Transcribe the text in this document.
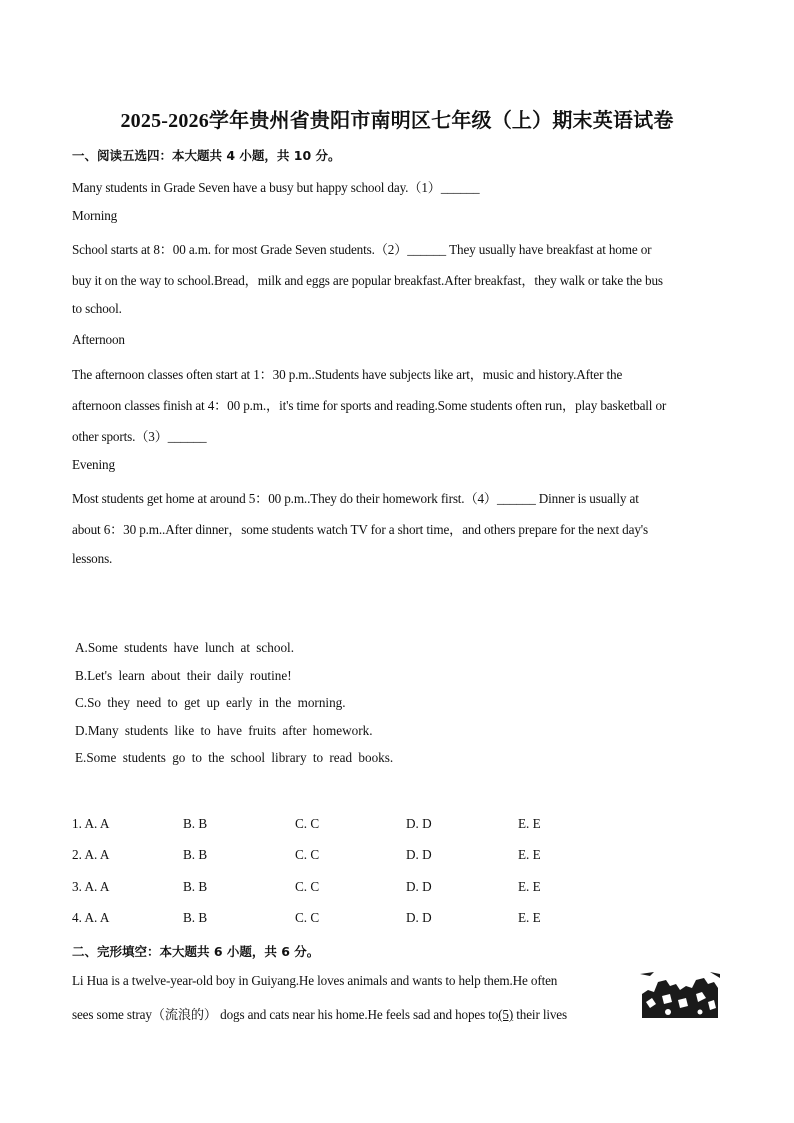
2025-2026学年贵州省贵阳市南明区七年级（上）期末英语试卷
一、阅读五选四：本大题共 4 小题，共 10 分。
Many students in Grade Seven have a busy but happy school day.（1）______
Morning
School starts at 8：00 a.m. for most Grade Seven students.（2）______ They usually have breakfast at home or
buy it on the way to school.Bread，milk and eggs are popular breakfast.After breakfast，they walk or take the bus
to school.
Afternoon
The afternoon classes often start at 1：30 p.m..Students have subjects like art，music and history.After the
afternoon classes finish at 4：00 p.m.，it's time for sports and reading.Some students often run，play basketball or
other sports.（3）______
Evening
Most students get home at around 5：00 p.m..They do their homework first.（4）______ Dinner is usually at
about 6：30 p.m..After dinner，some students watch TV for a short time，and others prepare for the next day's
lessons.
A.Some students have lunch at school.
B.Let's learn about their daily routine!
C.So they need to get up early in the morning.
D.Many students like to have fruits after homework.
E.Some students go to the school library to read books.
1. A. A	B. B	C. C	D. D	E. E
2. A. A	B. B	C. C	D. D	E. E
3. A. A	B. B	C. C	D. D	E. E
4. A. A	B. B	C. C	D. D	E. E
二、完形填空：本大题共 6 小题，共 6 分。
Li Hua is a twelve-year-old boy in Guiyang.He loves animals and wants to help them.He often
sees some stray（流浪的） dogs and cats near his home.He feels sad and hopes to(5) their lives
